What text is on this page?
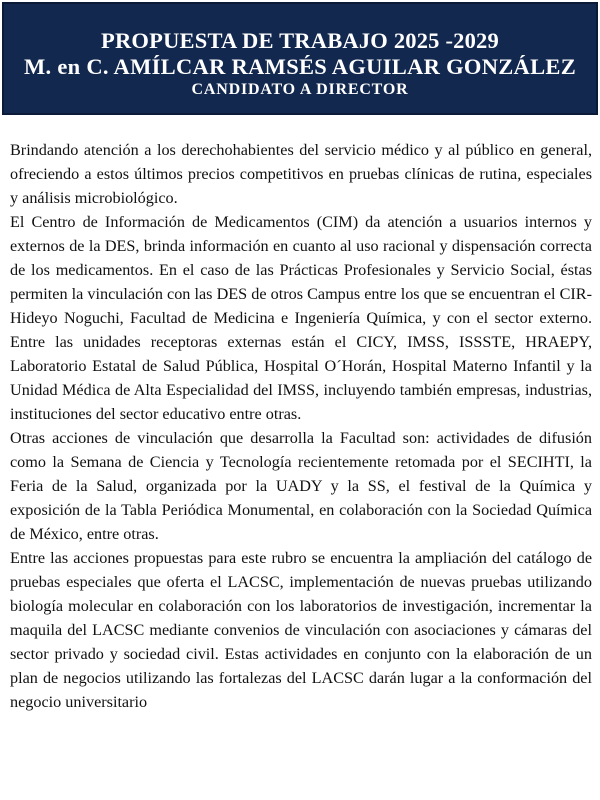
PROPUESTA DE TRABAJO 2025 -2029
M. en C. AMÍLCAR RAMSÉS AGUILAR GONZÁLEZ
CANDIDATO A DIRECTOR

Brindando atención a los derechohabientes del servicio médico y al público en general, ofreciendo a estos últimos precios competitivos en pruebas clínicas de rutina, especiales y análisis microbiológico.

El Centro de Información de Medicamentos (CIM) da atención a usuarios internos y externos de la DES, brinda información en cuanto al uso racional y dispensación correcta de los medicamentos. En el caso de las Prácticas Profesionales y Servicio Social, éstas permiten la vinculación con las DES de otros Campus entre los que se encuentran el CIR-Hideyo Noguchi, Facultad de Medicina e Ingeniería Química, y con el sector externo. Entre las unidades receptoras externas están el CICY, IMSS, ISSSTE, HRAEPY, Laboratorio Estatal de Salud Pública, Hospital O´Horán, Hospital Materno Infantil y la Unidad Médica de Alta Especialidad del IMSS, incluyendo también empresas, industrias, instituciones del sector educativo entre otras.

Otras acciones de vinculación que desarrolla la Facultad son: actividades de difusión como la Semana de Ciencia y Tecnología recientemente retomada por el SECIHTI, la Feria de la Salud, organizada por la UADY y la SS, el festival de la Química y exposición de la Tabla Periódica Monumental, en colaboración con la Sociedad Química de México, entre otras.

Entre las acciones propuestas para este rubro se encuentra la ampliación del catálogo de pruebas especiales que oferta el LACSC, implementación de nuevas pruebas utilizando biología molecular en colaboración con los laboratorios de investigación, incrementar la maquila del LACSC mediante convenios de vinculación con asociaciones y cámaras del sector privado y sociedad civil. Estas actividades en conjunto con la elaboración de un plan de negocios utilizando las fortalezas del LACSC darán lugar a la conformación del negocio universitario
